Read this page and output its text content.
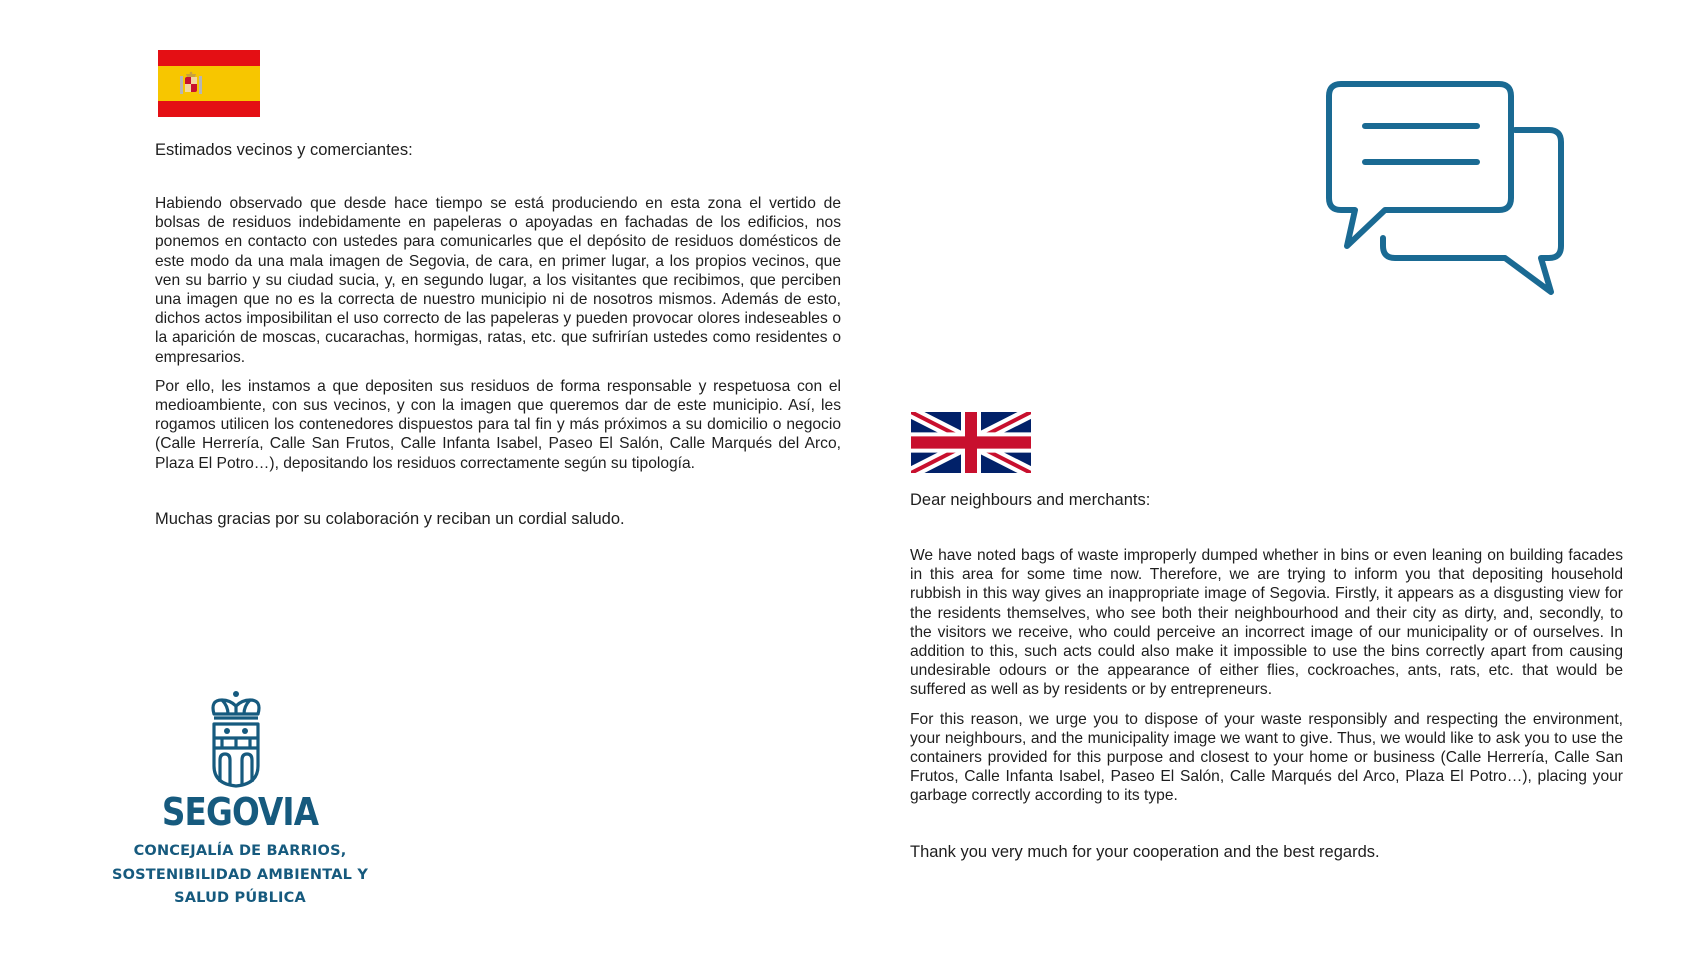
Estimados vecinos y comerciantes:

Habiendo observado que desde hace tiempo se está produciendo en esta zona el vertido de bolsas de residuos indebidamente en papeleras o apoyadas en fachadas de los edificios, nos ponemos en contacto con ustedes para comunicarles que el depósito de residuos domésticos de este modo da una mala imagen de Segovia, de cara, en primer lugar, a los propios vecinos, que ven su barrio y su ciudad sucia, y, en segundo lugar, a los visitantes que recibimos, que perciben una imagen que no es la correcta de nuestro municipio ni de nosotros mismos. Además de esto, dichos actos imposibilitan el uso correcto de las papeleras y pueden provocar olores indeseables o la aparición de moscas, cucarachas, hormigas, ratas, etc. que sufrirían ustedes como residentes o empresarios.

Por ello, les instamos a que depositen sus residuos de forma responsable y respetuosa con el medioambiente, con sus vecinos, y con la imagen que queremos dar de este municipio. Así, les rogamos utilicen los contenedores dispuestos para tal fin y más próximos a su domicilio o negocio (Calle Herrería, Calle San Frutos, Calle Infanta Isabel, Paseo El Salón, Calle Marqués del Arco, Plaza El Potro…), depositando los residuos correctamente según su tipología.

Muchas gracias por su colaboración y reciban un cordial saludo.

Dear neighbours and merchants:

We have noted bags of waste improperly dumped whether in bins or even leaning on building facades in this area for some time now. Therefore, we are trying to inform you that depositing household rubbish in this way gives an inappropriate image of Segovia. Firstly, it appears as a disgusting view for the residents themselves, who see both their neighbourhood and their city as dirty, and, secondly, to the visitors we receive, who could perceive an incorrect image of our municipality or of ourselves. In addition to this, such acts could also make it impossible to use the bins correctly apart from causing undesirable odours or the appearance of either flies, cockroaches, ants, rats, etc. that would be suffered as well as by residents or by entrepreneurs.

For this reason, we urge you to dispose of your waste responsibly and respecting the environment, your neighbours, and the municipality image we want to give. Thus, we would like to ask you to use the containers provided for this purpose and closest to your home or business (Calle Herrería, Calle San Frutos, Calle Infanta Isabel, Paseo El Salón, Calle Marqués del Arco, Plaza El Potro…), placing your garbage correctly according to its type.

Thank you very much for your cooperation and the best regards.

SEGOVIA
CONCEJALÍA DE BARRIOS,
SOSTENIBILIDAD AMBIENTAL Y
SALUD PÚBLICA
